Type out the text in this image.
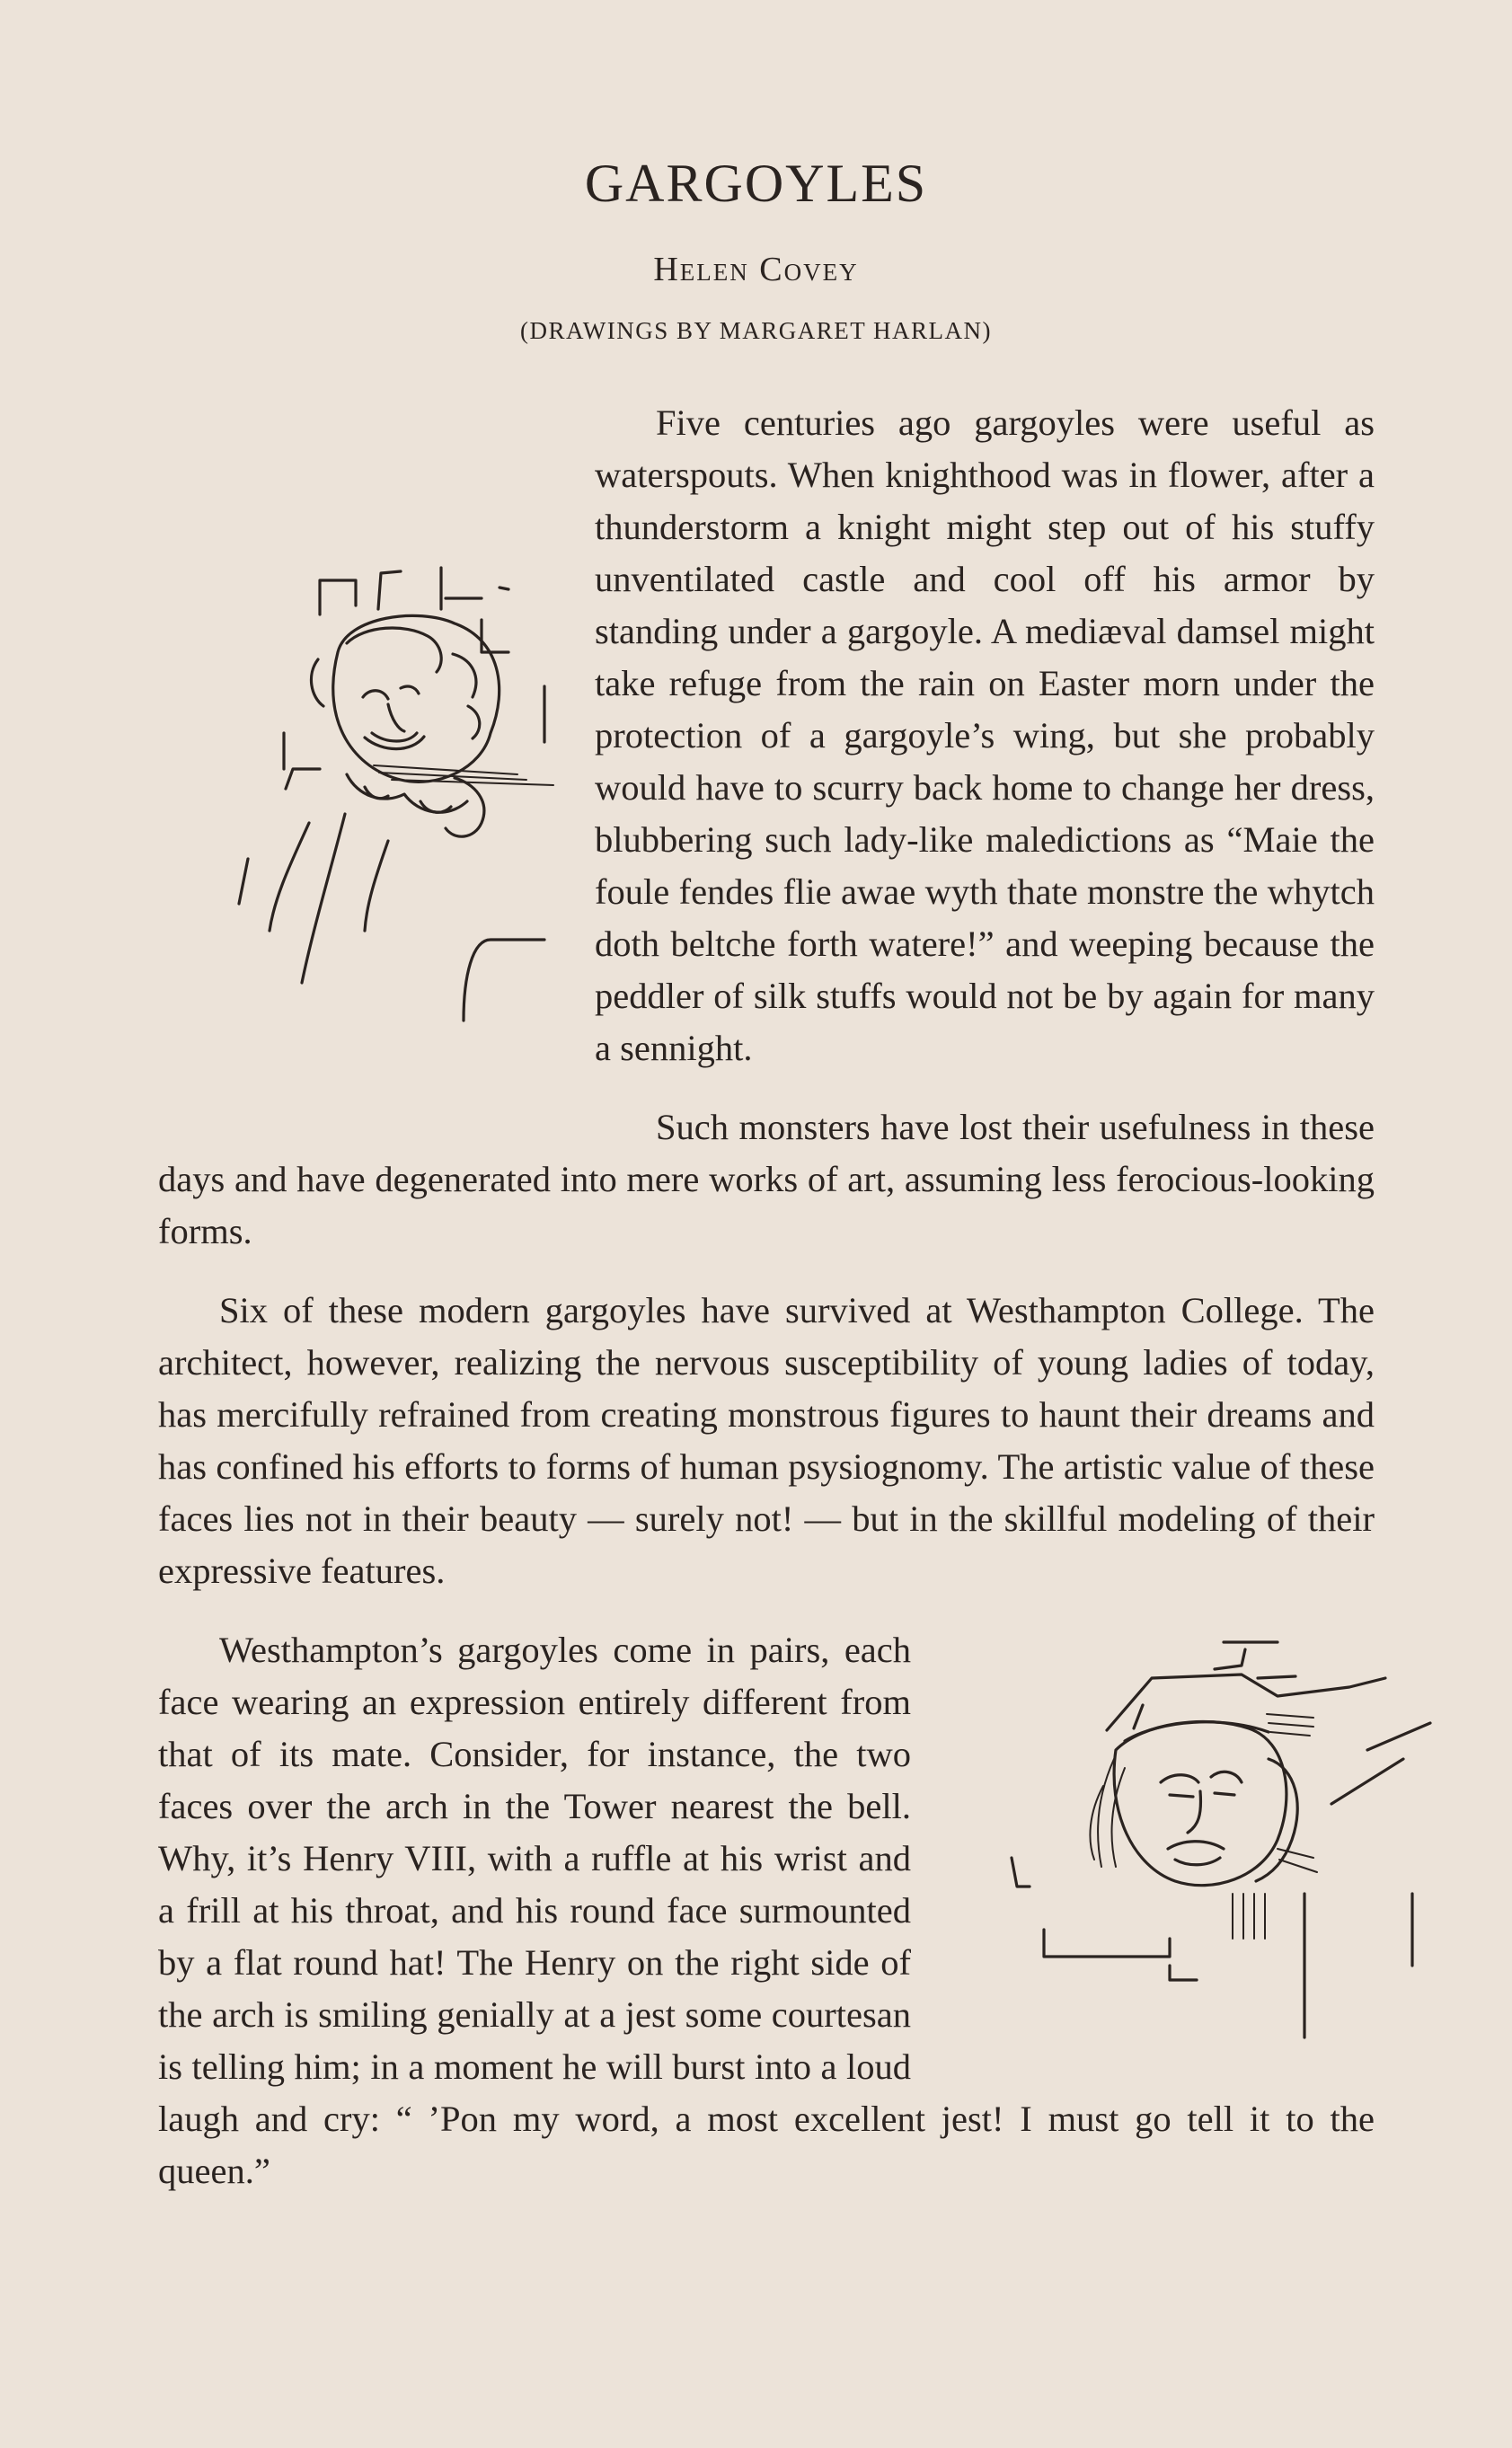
GARGOYLES
Helen Covey
(DRAWINGS BY MARGARET HARLAN)

Five centuries ago gargoyles were useful as waterspouts. When knighthood was in flower, after a thunderstorm a knight might step out of his stuffy unventilated castle and cool off his armor by standing under a gargoyle. A mediæval damsel might take refuge from the rain on Easter morn under the protection of a gargoyle’s wing, but she probably would have to scurry back home to change her dress, blubbering such lady-like maledictions as “Maie the foule fendes flie awae wyth thate monstre the whytch doth beltche forth watere!” and weeping because the peddler of silk stuffs would not be by again for many a sennight.

Such monsters have lost their usefulness in these days and have degenerated into mere works of art, assuming less ferocious-looking forms.

Six of these modern gargoyles have survived at Westhampton College. The architect, however, realizing the nervous susceptibility of young ladies of today, has mercifully refrained from creating monstrous figures to haunt their dreams and has confined his efforts to forms of human psysiognomy. The artistic value of these faces lies not in their beauty — surely not! — but in the skillful modeling of their expressive features.

Westhampton’s gargoyles come in pairs, each face wearing an expression entirely different from that of its mate. Consider, for instance, the two faces over the arch in the Tower nearest the bell. Why, it’s Henry VIII, with a ruffle at his wrist and a frill at his throat, and his round face surmounted by a flat round hat! The Henry on the right side of the arch is smiling genially at a jest some courtesan is telling him; in a moment he will burst into a loud laugh and cry: “ ’Pon my word, a most excellent jest! I must go tell it to the queen.”
